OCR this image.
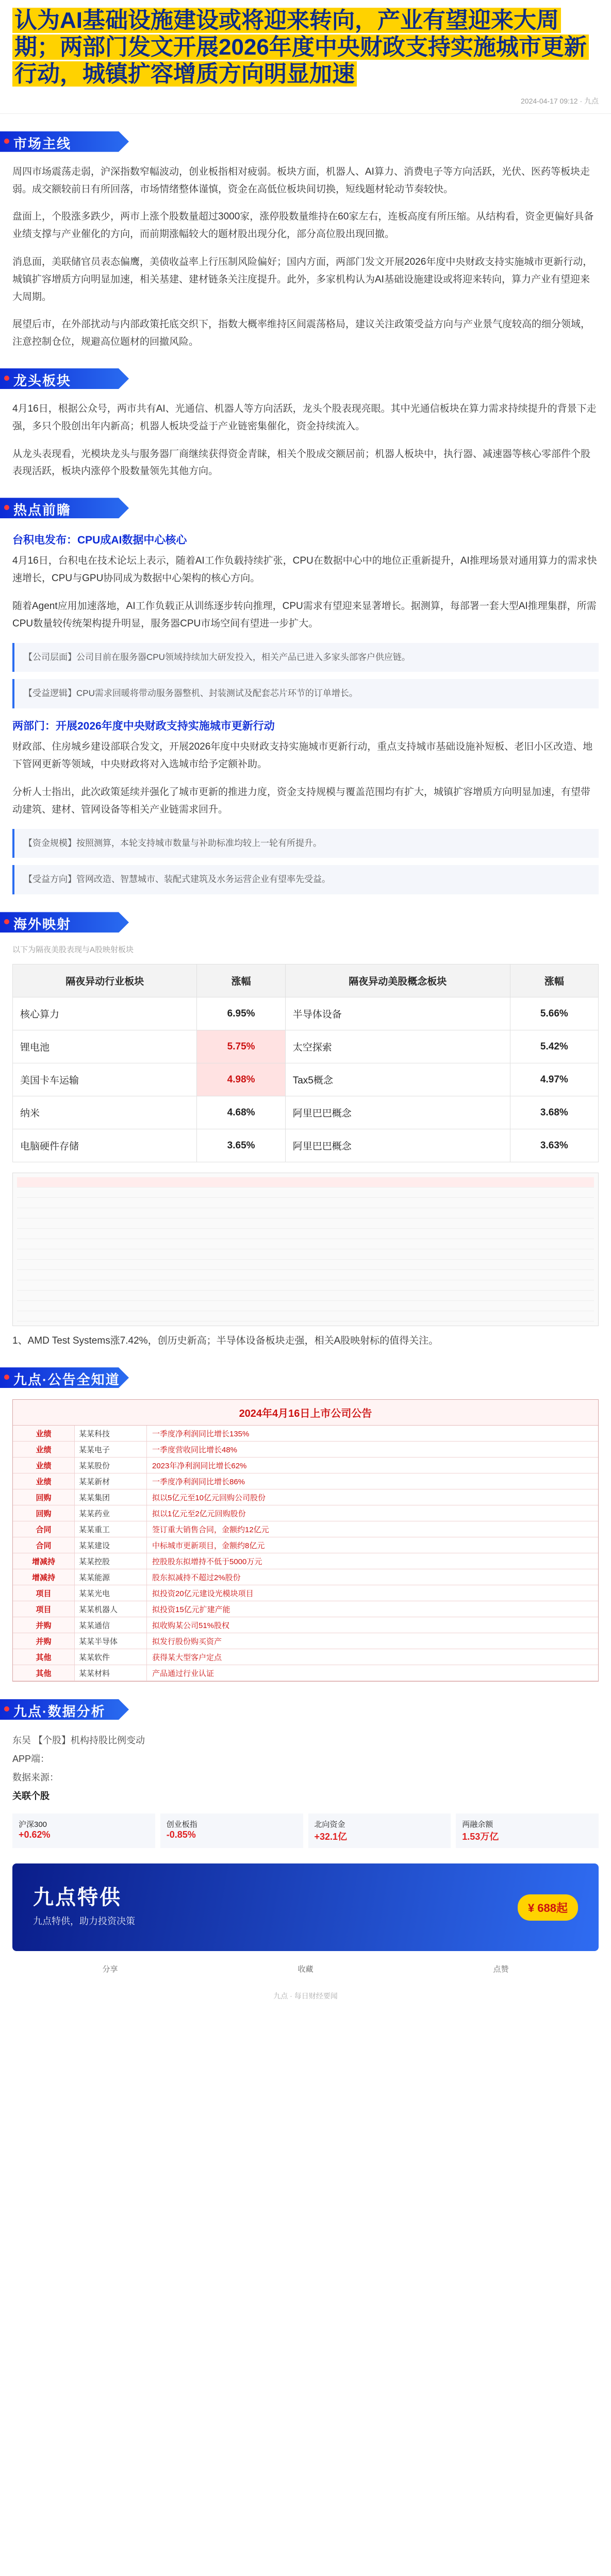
认为AI基础设施建设或将迎来转向，产业有望迎来大周期；两部门发文开展2026年度中央财政支持实施城市更新行动，城镇扩容增质方向明显加速
2024-04-17 09:12 · 九点
市场主线

周四市场震荡走弱，沪深指数窄幅波动，创业板指相对疲弱。板块方面，机器人、AI算力、消费电子等方向活跃，光伏、医药等板块走弱。成交额较前日有所回落，市场情绪整体谨慎，资金在高低位板块间切换，短线题材轮动节奏较快。

盘面上，个股涨多跌少，两市上涨个股数量超过3000家，涨停股数量维持在60家左右，连板高度有所压缩。从结构看，资金更偏好具备业绩支撑与产业催化的方向，而前期涨幅较大的题材股出现分化，部分高位股出现回撤。

消息面，美联储官员表态偏鹰，美债收益率上行压制风险偏好；国内方面，两部门发文开展2026年度中央财政支持实施城市更新行动，城镇扩容增质方向明显加速，相关基建、建材链条关注度提升。此外，多家机构认为AI基础设施建设或将迎来转向，算力产业有望迎来大周期。

展望后市，在外部扰动与内部政策托底交织下，指数大概率维持区间震荡格局，建议关注政策受益方向与产业景气度较高的细分领域，注意控制仓位，规避高位题材的回撤风险。

龙头板块

4月16日，根据公众号，两市共有AI、光通信、机器人等方向活跃，龙头个股表现亮眼。其中光通信板块在算力需求持续提升的背景下走强，多只个股创出年内新高；机器人板块受益于产业链密集催化，资金持续流入。

从龙头表现看，光模块龙头与服务器厂商继续获得资金青睐，相关个股成交额居前；机器人板块中，执行器、减速器等核心零部件个股表现活跃，板块内涨停个股数量领先其他方向。

热点前瞻
台积电发布：CPU成AI数据中心核心

4月16日，台积电在技术论坛上表示，随着AI工作负载持续扩张，CPU在数据中心中的地位正重新提升，AI推理场景对通用算力的需求快速增长，CPU与GPU协同成为数据中心架构的核心方向。

随着Agent应用加速落地，AI工作负载正从训练逐步转向推理，CPU需求有望迎来显著增长。据测算，每部署一套大型AI推理集群，所需CPU数量较传统架构提升明显，服务器CPU市场空间有望进一步扩大。

【公司层面】公司目前在服务器CPU领域持续加大研发投入，相关产品已进入多家头部客户供应链。
【受益逻辑】CPU需求回暖将带动服务器整机、封装测试及配套芯片环节的订单增长。
两部门：开展2026年度中央财政支持实施城市更新行动

财政部、住房城乡建设部联合发文，开展2026年度中央财政支持实施城市更新行动，重点支持城市基础设施补短板、老旧小区改造、地下管网更新等领域，中央财政将对入选城市给予定额补助。

分析人士指出，此次政策延续并强化了城市更新的推进力度，资金支持规模与覆盖范围均有扩大，城镇扩容增质方向明显加速，有望带动建筑、建材、管网设备等相关产业链需求回升。

【资金规模】按照测算，本轮支持城市数量与补助标准均较上一轮有所提升。
【受益方向】管网改造、智慧城市、装配式建筑及水务运营企业有望率先受益。
海外映射
以下为隔夜美股表现与A股映射板块
隔夜异动行业板块	涨幅	隔夜异动美股概念板块	涨幅
核心算力	6.95%	半导体设备	5.66%
锂电池	5.75%	太空探索	5.42%
美国卡车运输	4.98%	Tax5概念	4.97%
纳米	4.68%	阿里巴巴概念	3.68%
电脑硬件存储	3.65%	阿里巴巴概念	3.63%

1、AMD Test Systems涨7.42%，创历史新高；半导体设备板块走强，相关A股映射标的值得关注。

九点·公告全知道
2024年4月16日上市公司公告
业绩	某某科技	一季度净利润同比增长135%
业绩	某某电子	一季度营收同比增长48%
业绩	某某股份	2023年净利润同比增长62%
业绩	某某新材	一季度净利润同比增长86%
回购	某某集团	拟以5亿元至10亿元回购公司股份
回购	某某药业	拟以1亿元至2亿元回购股份
合同	某某重工	签订重大销售合同，金额约12亿元
合同	某某建设	中标城市更新项目，金额约8亿元
增减持	某某控股	控股股东拟增持不低于5000万元
增减持	某某能源	股东拟减持不超过2%股份
项目	某某光电	拟投资20亿元建设光模块项目
项目	某某机器人	拟投资15亿元扩建产能
并购	某某通信	拟收购某公司51%股权
并购	某某半导体	拟发行股份购买资产
其他	某某软件	获得某大型客户定点
其他	某某材料	产品通过行业认证
九点·数据分析
东吴 【个股】机构持股比例变动
APP端：
数据来源：
关联个股
沪深300
+0.62%
创业板指
-0.85%
北向资金
+32.1亿
两融余额
1.53万亿
九点特供
九点特供，助力投资决策
¥ 688起
分享	收藏	点赞
九点 · 每日财经要闻
